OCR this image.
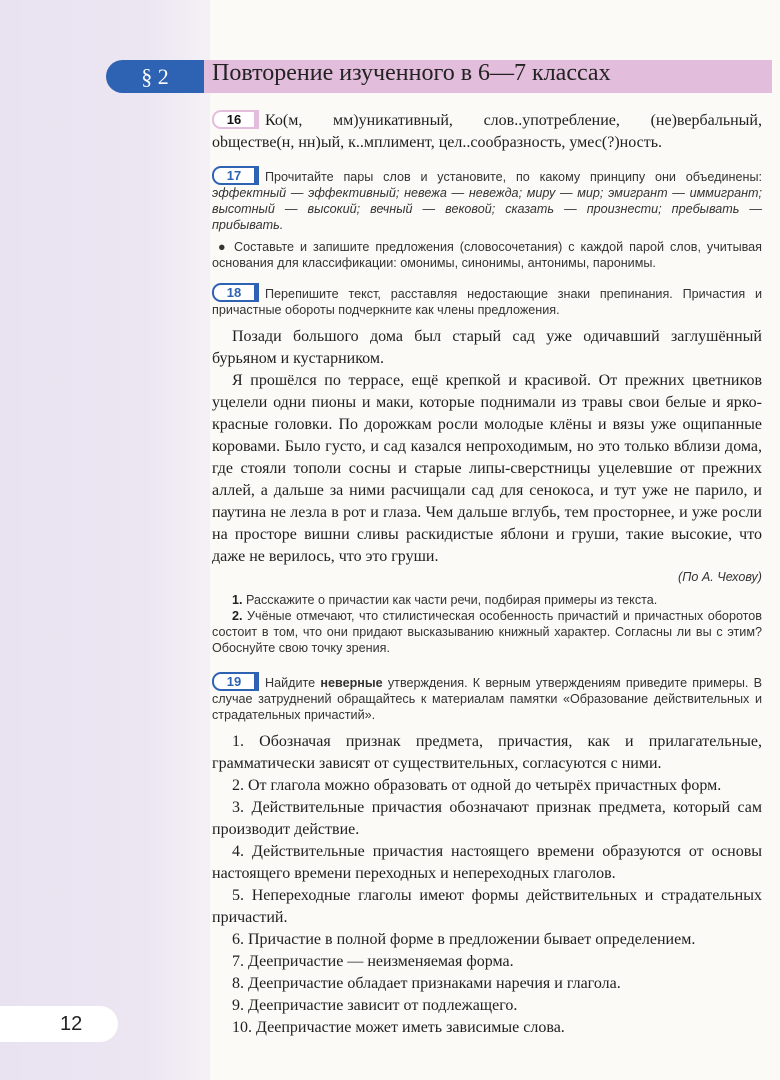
§ 2	Повторение изученного в 6—7 классах
16 Ко(м, мм)уникативный, слов..употребление, (не)вербальный, obществе(н, нн)ый, к..мплимент, цел..сообразность, умес(?)ность.
17 Прочитайте пары слов и установите, по какому принципу они объединены: эффектный — эффективный; невежа — невежда; миру — мир; эмигрант — иммигрант; высотный — высокий; вечный — вековой; сказать — произнести; пребывать — прибывать.
● Составьте и запишите предложения (словосочетания) с каждой парой слов, учитывая основания для классификации: омонимы, синонимы, антонимы, паронимы.
18 Перепишите текст, расставляя недостающие знаки препинания. Причастия и причастные обороты подчеркните как члены предложения.
Позади большого дома был старый сад уже одичавший заглушённый бурьяном и кустарником.
Я прошёлся по террасе, ещё крепкой и красивой. От прежних цветников уцелели одни пионы и маки, которые поднимали из травы свои белые и ярко-красные головки. По дорожкам росли молодые клёны и вязы уже ощипанные коровами. Было густо, и сад казался непроходимым, но это только вблизи дома, где стояли тополи сосны и старые липы-сверстницы уцелевшие от прежних аллей, а дальше за ними расчищали сад для сенокоса, и тут уже не парило, и паутина не лезла в рот и глаза. Чем дальше вглубь, тем просторнее, и уже росли на просторе вишни сливы раскидистые яблони и груши, такие высокие, что даже не верилось, что это груши.
(По А. Чехову)
1. Расскажите о причастии как части речи, подбирая примеры из текста.
2. Учёные отмечают, что стилистическая особенность причастий и причастных оборотов состоит в том, что они придают высказыванию книжный характер. Согласны ли вы с этим? Обоснуйте свою точку зрения.
19 Найдите неверные утверждения. К верным утверждениям приведите примеры. В случае затруднений обращайтесь к материалам памятки «Образование действительных и страдательных причастий».
1. Обозначая признак предмета, причастия, как и прилагательные, грамматически зависят от существительных, согласуются с ними.
2. От глагола можно образовать от одной до четырёх причастных форм.
3. Действительные причастия обозначают признак предмета, который сам производит действие.
4. Действительные причастия настоящего времени образуются от основы настоящего времени переходных и непереходных глаголов.
5. Непереходные глаголы имеют формы действительных и страдательных причастий.
6. Причастие в полной форме в предложении бывает определением.
7. Деепричастие — неизменяемая форма.
8. Деепричастие обладает признаками наречия и глагола.
9. Деепричастие зависит от подлежащего.
10. Деепричастие может иметь зависимые слова.
12
